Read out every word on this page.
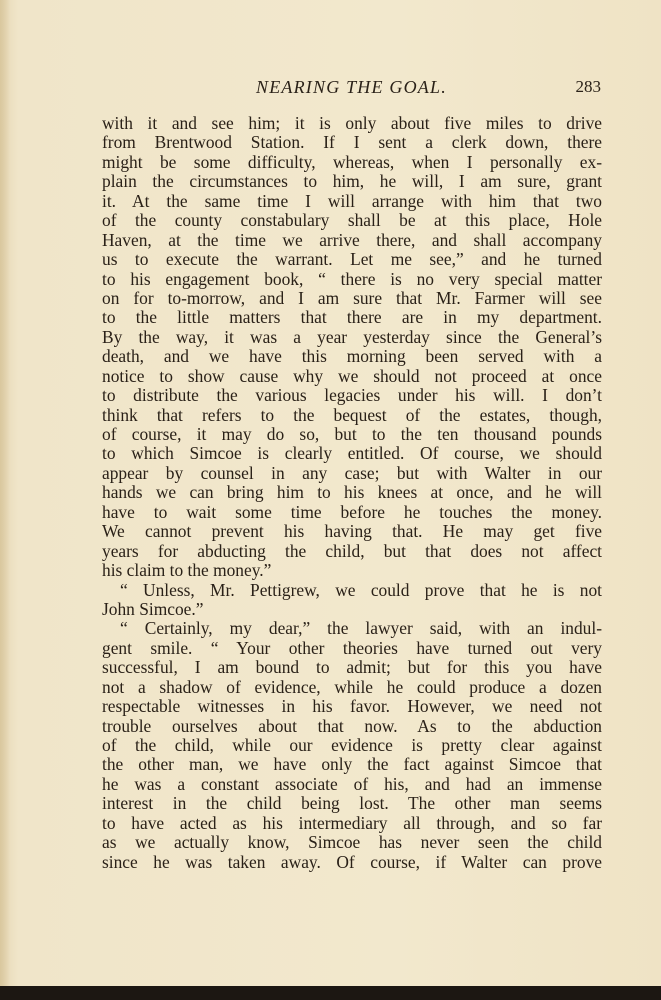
NEARING THE GOAL.	283
with it and see him; it is only about five miles to drive
from Brentwood Station. If I sent a clerk down, there
might be some difficulty, whereas, when I personally ex-
plain the circumstances to him, he will, I am sure, grant
it. At the same time I will arrange with him that two
of the county constabulary shall be at this place, Hole
Haven, at the time we arrive there, and shall accompany
us to execute the warrant. Let me see,” and he turned
to his engagement book, “ there is no very special matter
on for to-morrow, and I am sure that Mr. Farmer will see
to the little matters that there are in my department.
By the way, it was a year yesterday since the General’s
death, and we have this morning been served with a
notice to show cause why we should not proceed at once
to distribute the various legacies under his will. I don’t
think that refers to the bequest of the estates, though,
of course, it may do so, but to the ten thousand pounds
to which Simcoe is clearly entitled. Of course, we should
appear by counsel in any case; but with Walter in our
hands we can bring him to his knees at once, and he will
have to wait some time before he touches the money.
We cannot prevent his having that. He may get five
years for abducting the child, but that does not affect
his claim to the money.”
“ Unless, Mr. Pettigrew, we could prove that he is not
John Simcoe.”
“ Certainly, my dear,” the lawyer said, with an indul-
gent smile. “ Your other theories have turned out very
successful, I am bound to admit; but for this you have
not a shadow of evidence, while he could produce a dozen
respectable witnesses in his favor. However, we need not
trouble ourselves about that now. As to the abduction
of the child, while our evidence is pretty clear against
the other man, we have only the fact against Simcoe that
he was a constant associate of his, and had an immense
interest in the child being lost. The other man seems
to have acted as his intermediary all through, and so far
as we actually know, Simcoe has never seen the child
since he was taken away. Of course, if Walter can prove
